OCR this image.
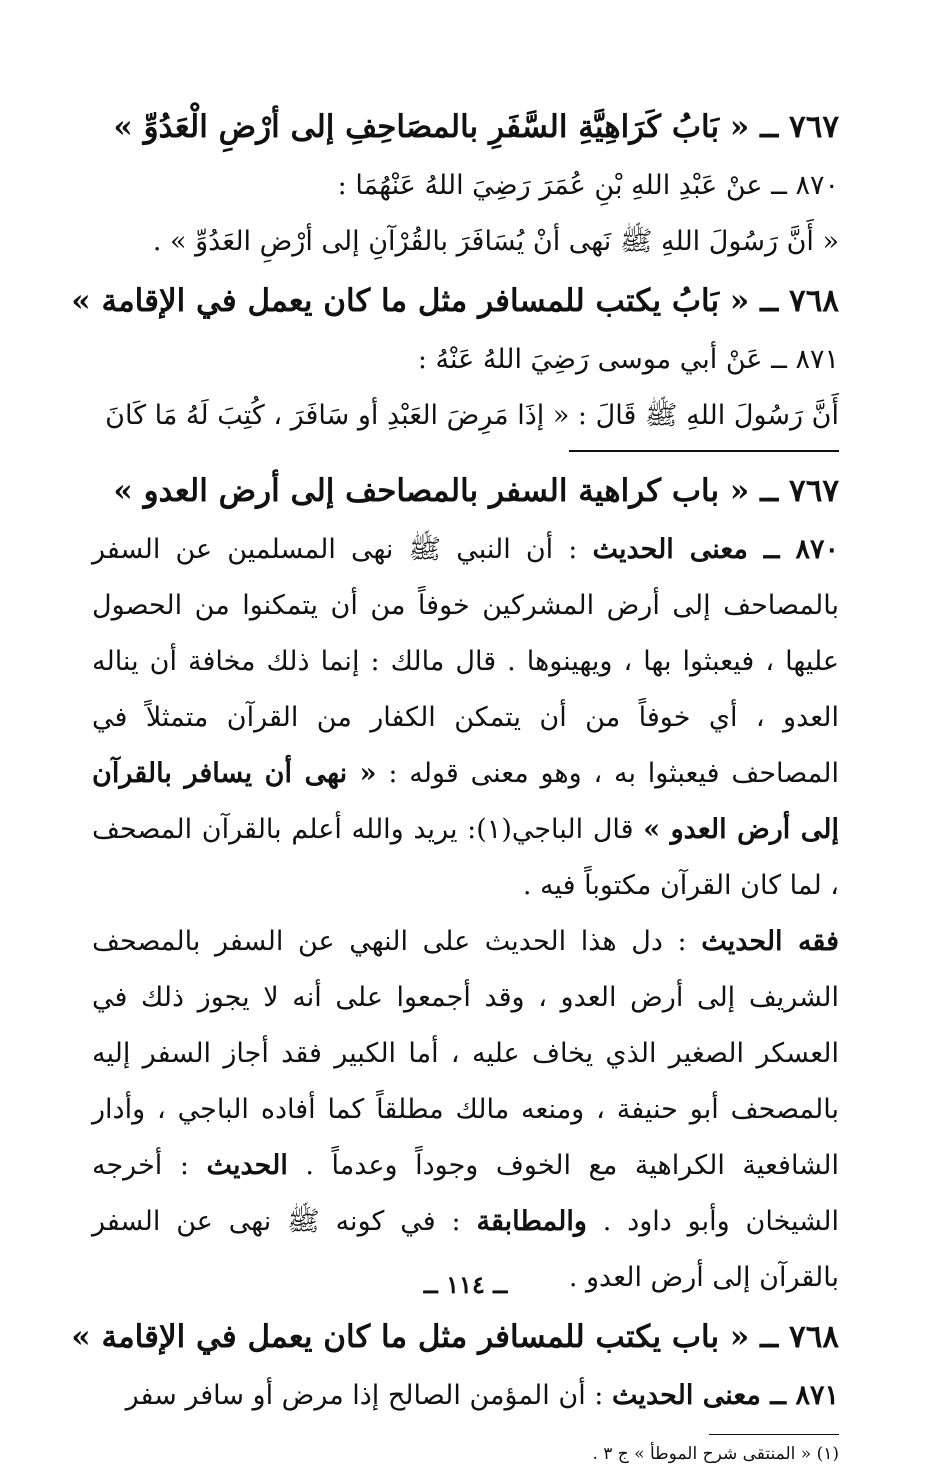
٧٦٧ ــ « بَابُ كَرَاهِيَّةِ السَّفَرِ بالمصَاحِفِ إلى أرْضِ الْعَدُوِّ »
٨٧٠ ــ عنْ عَبْدِ اللهِ بْنِ عُمَرَ رَضِيَ اللهُ عَنْهُمَا :
« أَنَّ رَسُولَ اللهِ ﷺ نَهى أنْ يُسَافَرَ بالقُرْآنِ إلى أرْضِ العَدُوِّ » .
٧٦٨ ــ « بَابُ يكتب للمسافر مثل ما كان يعمل في الإقامة »
٨٧١ ــ عَنْ أبي موسى رَضِيَ اللهُ عَنْهُ :
أَنَّ رَسُولَ اللهِ ﷺ قَالَ : « إذَا مَرِضَ العَبْدِ أو سَافَرَ ، كُتِبَ لَهُ مَا كَانَ
٧٦٧ ــ « باب كراهية السفر بالمصاحف إلى أرض العدو »

٨٧٠ ــ معنى الحديث : أن النبي ﷺ نهى المسلمين عن السفر بالمصاحف إلى أرض المشركين خوفاً من أن يتمكنوا من الحصول عليها ، فيعبثوا بها ، ويهينوها . قال مالك : إنما ذلك مخافة أن يناله العدو ، أي خوفاً من أن يتمكن الكفار من القرآن متمثلاً في المصاحف فيعبثوا به ، وهو معنى قوله : « نهى أن يسافر بالقرآن إلى أرض العدو » قال الباجي(١): يريد والله أعلم بالقرآن المصحف ، لما كان القرآن مكتوباً فيه .

فقه الحديث : دل هذا الحديث على النهي عن السفر بالمصحف الشريف إلى أرض العدو ، وقد أجمعوا على أنه لا يجوز ذلك في العسكر الصغير الذي يخاف عليه ، أما الكبير فقد أجاز السفر إليه بالمصحف أبو حنيفة ، ومنعه مالك مطلقاً كما أفاده الباجي ، وأدار الشافعية الكراهية مع الخوف وجوداً وعدماً . الحديث : أخرجه الشيخان وأبو داود . والمطابقة : في كونه ﷺ نهى عن السفر بالقرآن إلى أرض العدو .

٧٦٨ ــ « باب يكتب للمسافر مثل ما كان يعمل في الإقامة »

٨٧١ ــ معنى الحديث : أن المؤمن الصالح إذا مرض أو سافر سفر

(١) « المنتقى شرح الموطأ » ج ٣ .
ــ ١١٤ ــ
